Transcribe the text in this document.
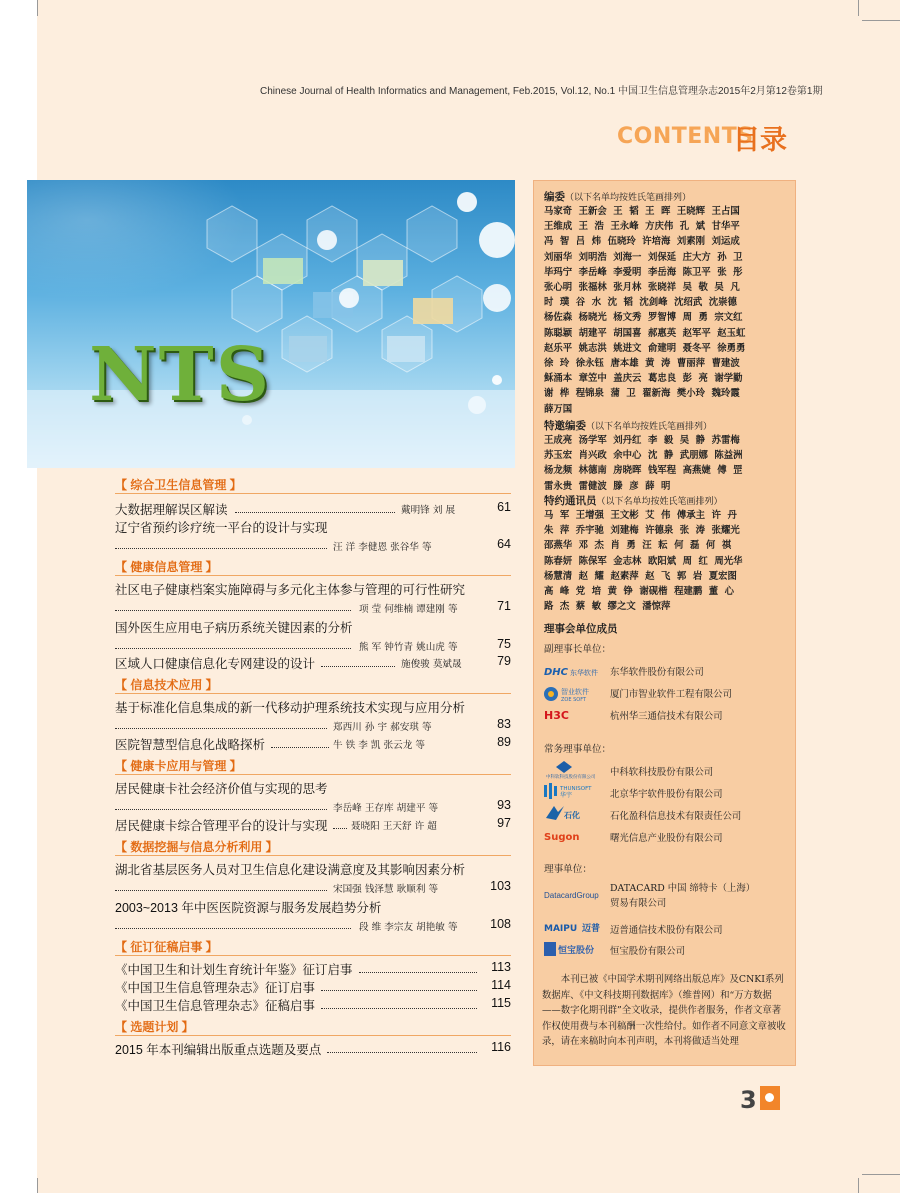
Chinese Journal of Health Informatics and Management, Feb.2015, Vol.12, No.1 中国卫生信息管理杂志2015年2月第12卷第1期
CONTENTS
目录
NTS
【 综合卫生信息管理 】
大数据理解误区解读	戴明锋 刘 展	61
辽宁省预约诊疗统一平台的设计与实现
汪 洋 李健恩 张谷华 等	64
【 健康信息管理 】
社区电子健康档案实施障碍与多元化主体参与管理的可行性研究
项 莹 何维楠 谭建刚 等	71
国外医生应用电子病历系统关键因素的分析
熊 军 钟竹青 姚山虎 等	75
区域人口健康信息化专网建设的设计	施俊骏 莫斌晟	79
【 信息技术应用 】
基于标准化信息集成的新一代移动护理系统技术实现与应用分析
郑西川 孙 宇 郝安琪 等	83
医院智慧型信息化战略探析	牛 铁 李 凯 张云龙 等	89
【 健康卡应用与管理 】
居民健康卡社会经济价值与实现的思考
李岳峰 王存库 胡建平 等	93
居民健康卡综合管理平台的设计与实现 聂晓阳 王天舒 许 超	97
【 数据挖掘与信息分析利用 】
湖北省基层医务人员对卫生信息化建设满意度及其影响因素分析
宋国强 钱泽慧 耿顺利 等	103
2003~2013 年中医医院资源与服务发展趋势分析
段 维 李宗友 胡艳敏 等	108
【 征订征稿启事 】
《中国卫生和计划生育统计年鉴》征订启事	113
《中国卫生信息管理杂志》征订启事	114
《中国卫生信息管理杂志》征稿启事	115
【 选题计划 】
2015 年本刊编辑出版重点选题及要点	116
编委（以下名单均按姓氏笔画排列）
马家奇  王新会  王  韬  王  晖  王晓辉  王占国
王维成  王  浩  王永峰  方庆伟  孔  斌  甘华平
冯  智  吕  炜  伍晓玲  许培海  刘素刚  刘运成
刘丽华  刘明浩  刘海一  刘保延  庄大方  孙  卫
毕玛宁  李岳峰  李爱明  李岳海  陈卫平  张  彤
张心明  张福林  张月林  张晓祥  吴  敬  吴  凡
时  璞  谷  水  沈  韬  沈剑峰  沈绍武  沈崇德
杨佐森  杨晓光  杨文秀  罗智博  周  勇  宗文红
陈聪颖  胡建平  胡国喜  郝惠英  赵军平  赵玉虹
赵乐平  姚志洪  姚进文  俞建明  聂冬平  徐勇勇
徐  玲  徐永钰  唐本雄  黄  涛  曹丽萍  曹建波
稣涌本  章笠中  盖庆云  葛忠良  彭  亮  谢学勤
谢  桦  程锦泉  蒲  卫  翟新海  樊小玲  魏玲霞
薛万国
特邀编委（以下名单均按姓氏笔画排列）
王成亮  汤学军  刘丹红  李  毅  吴  静  苏雷梅
苏玉宏  肖兴政  余中心  沈  静  武朋娜  陈益洲
杨龙频  林德南  房晓晖  钱军程  高燕婕  傅  罡
雷永贵  雷健波  滕  彦  薛  明
特约通讯员（以下名单均按姓氏笔画排列）
马  军  王增强  王文彬  艾  伟  傅承主  许  丹
朱  萍  乔宇驰  刘建梅  许德泉  张  涛  张耀光
邵燕华  邓  杰  肖  勇  汪  耘  何  磊  何  祺
陈春妍  陈保军  金志林  欧阳斌  周  红  周光华
杨慧清  赵  耀  赵素萍  赵  飞  郭  岩  夏宏图
高  峰  党  培  黄  铮  谢砚楷  程建鹏  董  心
路  杰  蔡  敏  缪之文  潘惊萍
理事会单位成员
副理事长单位：
DHC 东华软件 东华软件股份有限公司
智业软件
ZOE SOFT	厦门市智业软件工程有限公司
H3C	杭州华三通信技术有限公司
常务理事单位：
中科软科技股份有限公司 中科软科技股份有限公司
THUNISOFT
华宇	北京华宇软件股份有限公司
石化	石化盈科信息技术有限责任公司
Sugon	曙光信息产业股份有限公司
理事单位：
DatacardGroup
DATACARD 中国 缔特卡（上海）
贸易有限公司
MAIPU 迈普 迈普通信技术股份有限公司
恒宝股份 恒宝股份有限公司
本刊已被《中国学术期刊网络出版总库》及CNKI系列数据库、《中文科技期刊数据库》（维普网）和“万方数据——数字化期刊群”全文收录，提供作者服务，作者文章著作权使用费与本刊稿酬一次性给付。如作者不同意文章被收录，请在来稿时向本刊声明，本刊将做适当处理
3
